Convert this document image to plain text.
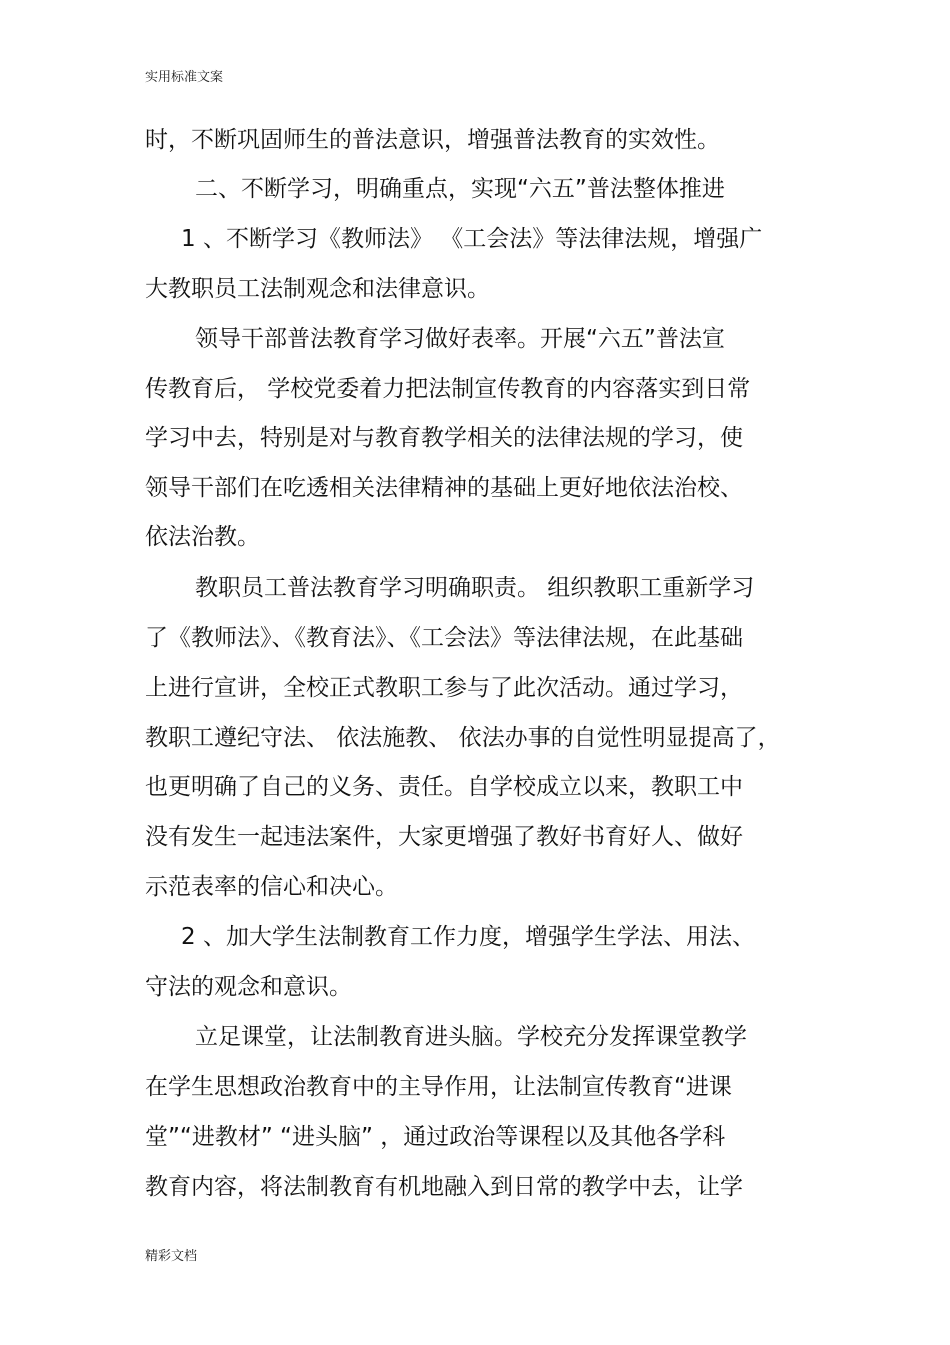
实用标准文案
时，不断巩固师生的普法意识，增强普法教育的实效性。
二、不断学习，明确重点，实现“六五”普法整体推进
1 、不断学习《教师法》 《工会法》等法律法规，增强广
大教职员工法制观念和法律意识。
领导干部普法教育学习做好表率。开展“六五”普法宣
传教育后， 学校党委着力把法制宣传教育的内容落实到日常
学习中去，特别是对与教育教学相关的法律法规的学习，使
领导干部们在吃透相关法律精神的基础上更好地依法治校、
依法治教。
教职员工普法教育学习明确职责。 组织教职工重新学习
了《教师法》、《教育法》、《工会法》等法律法规，在此基础
上进行宣讲，全校正式教职工参与了此次活动。通过学习，
教职工遵纪守法、 依法施教、 依法办事的自觉性明显提高了，
也更明确了自己的义务、责任。自学校成立以来，教职工中
没有发生一起违法案件，大家更增强了教好书育好人、做好
示范表率的信心和决心。
2 、加大学生法制教育工作力度，增强学生学法、用法、
守法的观念和意识。
立足课堂，让法制教育进头脑。学校充分发挥课堂教学
在学生思想政治教育中的主导作用，让法制宣传教育“进课
堂”“进教材” “进头脑” ，通过政治等课程以及其他各学科
教育内容，将法制教育有机地融入到日常的教学中去，让学
精彩文档
